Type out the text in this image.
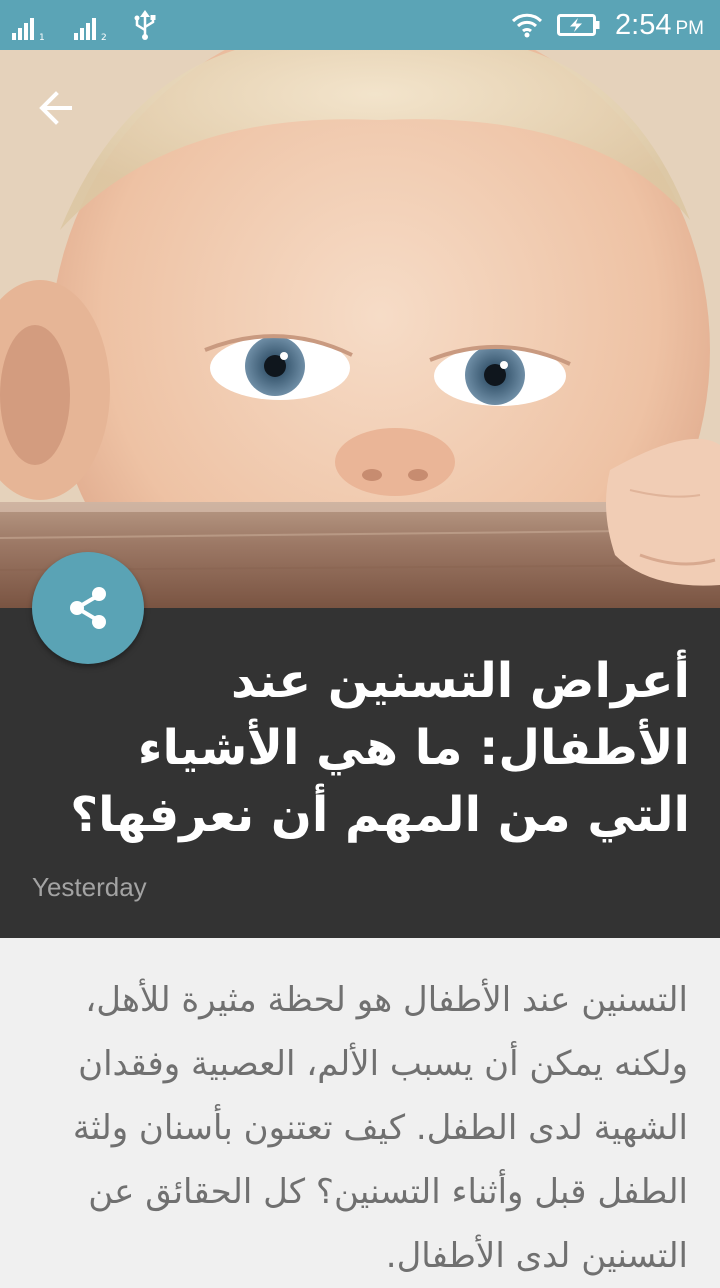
1	2	2:54 PM
أعراض التسنين عند الأطفال: ما هي الأشياء التي من المهم أن نعرفها؟
Yesterday

التسنين عند الأطفال هو لحظة مثيرة للأهل، ولكنه يمكن أن يسبب الألم، العصبية وفقدان الشهية لدى الطفل. كيف تعتنون بأسنان ولثة الطفل قبل وأثناء التسنين؟ كل الحقائق عن التسنين لدى الأطفال.
